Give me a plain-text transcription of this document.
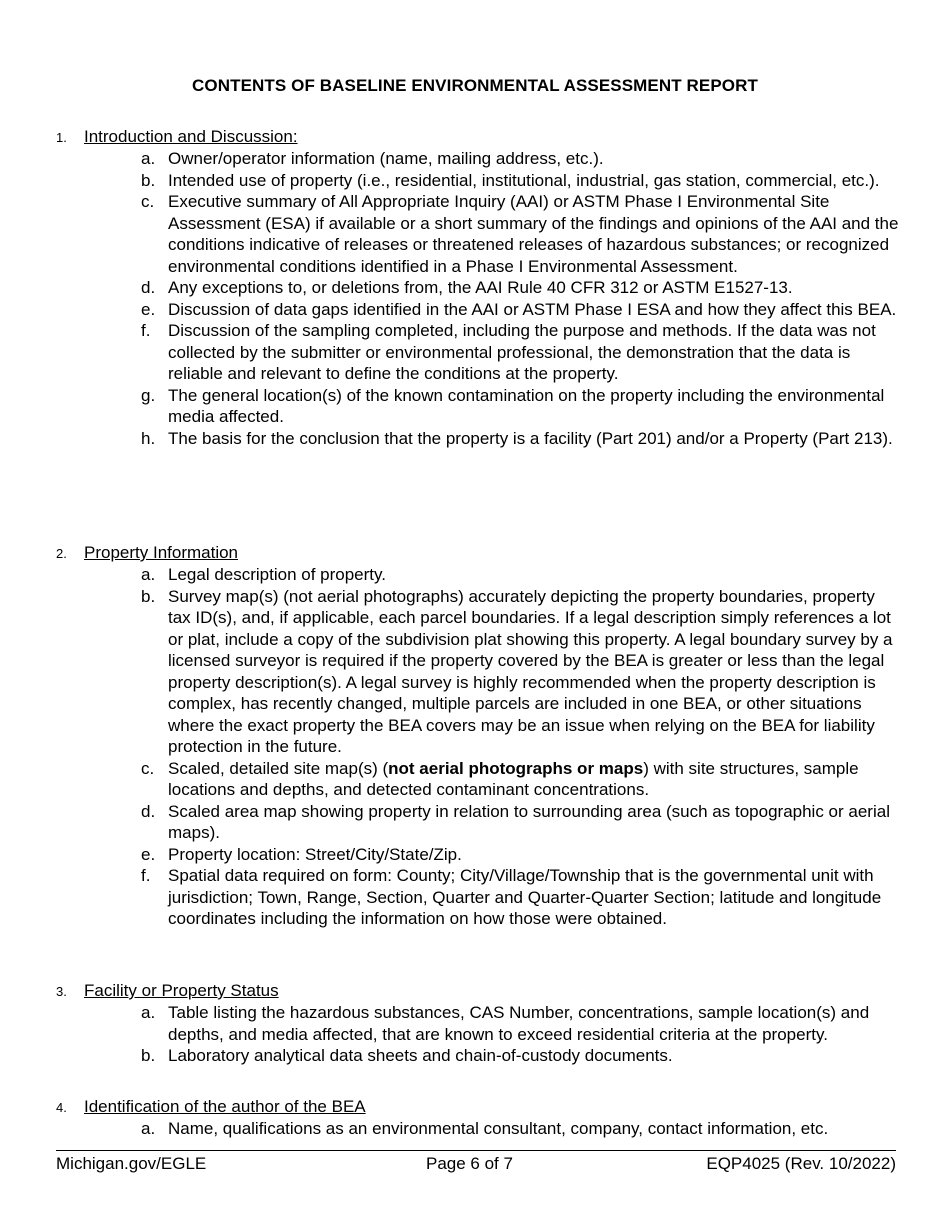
CONTENTS OF BASELINE ENVIRONMENTAL ASSESSMENT REPORT
1. Introduction and Discussion:
a. Owner/operator information (name, mailing address, etc.).
b. Intended use of property (i.e., residential, institutional, industrial, gas station, commercial, etc.).
c. Executive summary of All Appropriate Inquiry (AAI) or ASTM Phase I Environmental Site Assessment (ESA) if available or a short summary of the findings and opinions of the AAI and the conditions indicative of releases or threatened releases of hazardous substances; or recognized environmental conditions identified in a Phase I Environmental Assessment.
d. Any exceptions to, or deletions from, the AAI Rule 40 CFR 312 or ASTM E1527-13.
e. Discussion of data gaps identified in the AAI or ASTM Phase I ESA and how they affect this BEA.
f. Discussion of the sampling completed, including the purpose and methods. If the data was not collected by the submitter or environmental professional, the demonstration that the data is reliable and relevant to define the conditions at the property.
g. The general location(s) of the known contamination on the property including the environmental media affected.
h. The basis for the conclusion that the property is a facility (Part 201) and/or a Property (Part 213).
2. Property Information
a. Legal description of property.
b. Survey map(s) (not aerial photographs) accurately depicting the property boundaries, property tax ID(s), and, if applicable, each parcel boundaries. If a legal description simply references a lot or plat, include a copy of the subdivision plat showing this property. A legal boundary survey by a licensed surveyor is required if the property covered by the BEA is greater or less than the legal property description(s). A legal survey is highly recommended when the property description is complex, has recently changed, multiple parcels are included in one BEA, or other situations where the exact property the BEA covers may be an issue when relying on the BEA for liability protection in the future.
c. Scaled, detailed site map(s) (not aerial photographs or maps) with site structures, sample locations and depths, and detected contaminant concentrations.
d. Scaled area map showing property in relation to surrounding area (such as topographic or aerial maps).
e. Property location: Street/City/State/Zip.
f. Spatial data required on form: County; City/Village/Township that is the governmental unit with jurisdiction; Town, Range, Section, Quarter and Quarter-Quarter Section; latitude and longitude coordinates including the information on how those were obtained.
3. Facility or Property Status
a. Table listing the hazardous substances, CAS Number, concentrations, sample location(s) and depths, and media affected, that are known to exceed residential criteria at the property.
b. Laboratory analytical data sheets and chain-of-custody documents.
4. Identification of the author of the BEA
a. Name, qualifications as an environmental consultant, company, contact information, etc.
Michigan.gov/EGLE	Page 6 of 7	EQP4025 (Rev. 10/2022)
